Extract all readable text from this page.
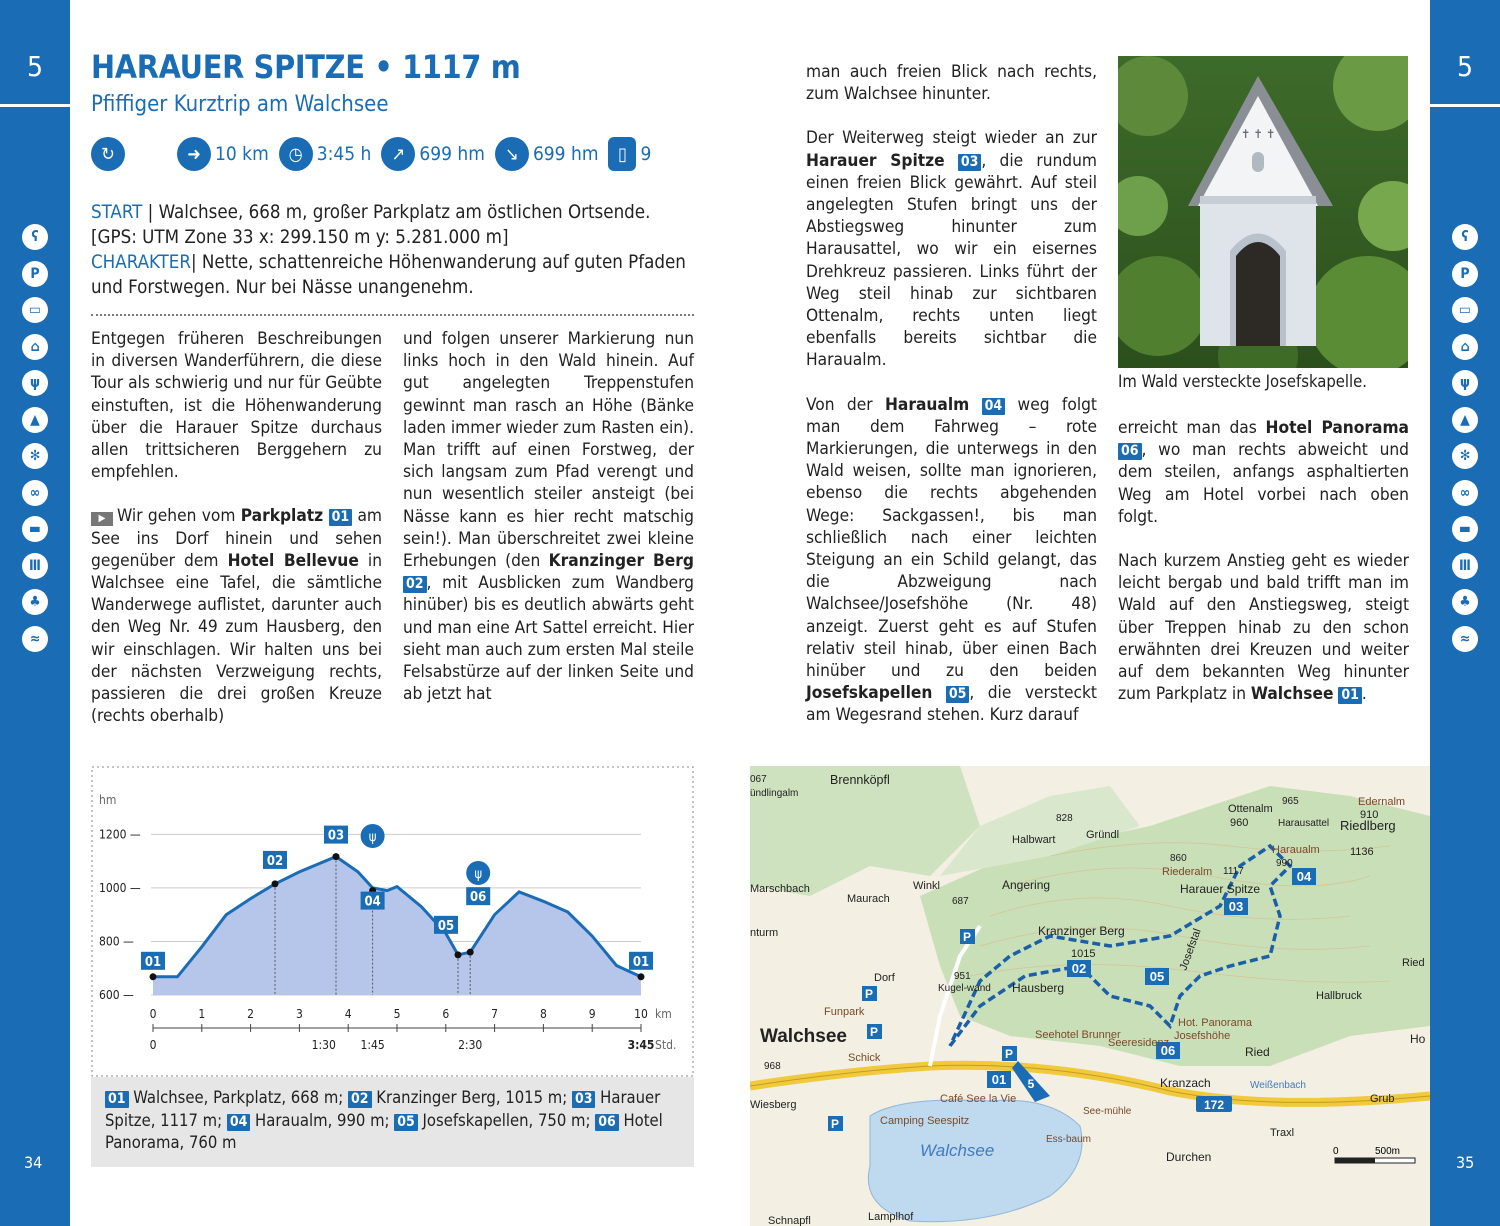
5	5
ʕ
P
▭
⌂
ψ
▲
✻
∞
▬
Ⅲ
♣
≈
ʕ
P
▭
⌂
ψ
▲
✻
∞
▬
Ⅲ
♣
≈
34	35
HARAUER SPITZE • 1117 m
Pfiffiger Kurztrip am Walchsee
↻	➜ 10 km	◷ 3:45 h	↗ 699 hm	↘ 699 hm	▯ 9
START | Walchsee, 668 m, großer Parkplatz am östlichen Ortsende.
[GPS: UTM Zone 33 x: 299.150 m y: 5.281.000 m]
CHARAKTER| Nette, schattenreiche Höhenwanderung auf guten Pfaden und Forstwegen. Nur bei Nässe unangenehm.

Entgegen früheren Beschreibungen in diversen Wanderführern, die diese Tour als schwierig und nur für Geübte einstuften, ist die Höhenwanderung über die Harauer Spitze durchaus allen trittsicheren Berggehern zu empfehlen.

▶ Wir gehen vom Parkplatz 01 am See ins Dorf hinein und sehen gegenüber dem Hotel Bellevue in Walchsee eine Tafel, die sämtliche Wanderwege auflistet, darunter auch den Weg Nr. 49 zum Hausberg, den wir einschlagen. Wir halten uns bei der nächsten Verzweigung rechts, passieren die drei großen Kreuze (rechts oberhalb)

und folgen unserer Markierung nun links hoch in den Wald hinein. Auf gut angelegten Treppenstufen gewinnt man rasch an Höhe (Bänke laden immer wieder zum Rasten ein). Man trifft auf einen Forstweg, der sich langsam zum Pfad verengt und nun wesentlich steiler ansteigt (bei Nässe kann es hier recht matschig sein!). Man überschreitet zwei kleine Erhebungen (den Kranzinger Berg 02 , mit Ausblicken zum Wandberg hinüber) bis es deutlich abwärts geht und man eine Art Sattel erreicht. Hier sieht man auch zum ersten Mal steile Felsabstürze auf der linken Seite und ab jetzt hat

man auch freien Blick nach rechts, zum Walchsee hinunter.

Der Weiterweg steigt wieder an zur Harauer Spitze 03 , die rundum einen freien Blick gewährt. Auf steil angelegten Stufen bringt uns der Abstiegsweg hinunter zum Harausattel, wo wir ein eisernes Drehkreuz passieren. Links führt der Weg steil hinab zur sichtbaren Ottenalm, rechts unten liegt ebenfalls bereits sichtbar die Haraualm.

Von der Haraualm 04 weg folgt man dem Fahrweg – rote Markierungen, die unterwegs in den Wald weisen, sollte man ignorieren, ebenso die rechts abgehenden Wege: Sackgassen!, bis man schließlich nach einer leichten Steigung an ein Schild gelangt, das die Abzweigung nach Walchsee/Josefshöhe (Nr. 48) anzeigt. Zuerst geht es auf Stufen relativ steil hinab, über einen Bach hinüber und zu den beiden Josefskapellen 05 , die versteckt am Wegesrand stehen. Kurz darauf

✝ ✝ ✝
Im Wald versteckte Josefskapelle.

erreicht man das Hotel Panorama 06 , wo man rechts abweicht und dem steilen, anfangs asphaltierten Weg am Hotel vorbei nach oben folgt.

Nach kurzem Anstieg geht es wieder leicht bergab und bald trifft man im Wald auf den Anstiegsweg, steigt über Treppen hinab zu den schon erwähnten drei Kreuzen und weiter auf dem bekannten Weg hinunter zum Parkplatz in Walchsee 01 .

01
02
03
04
05
06
01
ψ
ψ
hm
600 —
800 —
1000 —
1200 —
0	1	2	3	4	5	6	7	8	9	10 km
0	1:30 1:45	2:30	3:45 Std.
01 Walchsee, Parkplatz, 668 m; 02 Kranzinger Berg, 1015 m; 03 Harauer Spitze, 1117 m; 04 Haraualm, 990 m; 05 Josefskapellen, 750 m; 06 Hotel Panorama, 760 m
01
02
03
04
05
06
Brennköpfl
Ottenalm
960	Harausattel Riedlberg
1136
Edernalm
910
965
Halbwart	Gründl
828
Riederalm
860
1117
Haraualm
990
Harauer Spitze
Marschbach
Maurach
Winkl	Angering
687
Kranzinger Berg
1015	Josefstal
Dorf	951
Hausberg
Kugel-wand
Funpark
Walchsee
Schick
968
Seehotel Brunner
Seeresidenz
Hot. Panorama
Josefshöhe
Ried
Hallbruck
Kranzach
Café See la Vie
Wiesberg
Camping Seespitz
See-mühle
Ess-baum
Walchsee	Durchen
Traxl
Grub
Schnapfl	Lamplhof
Ho
Ried
nturm
067
ündlingalm
Weißenbach
172
5
P
P
P
P
P
0	500m
